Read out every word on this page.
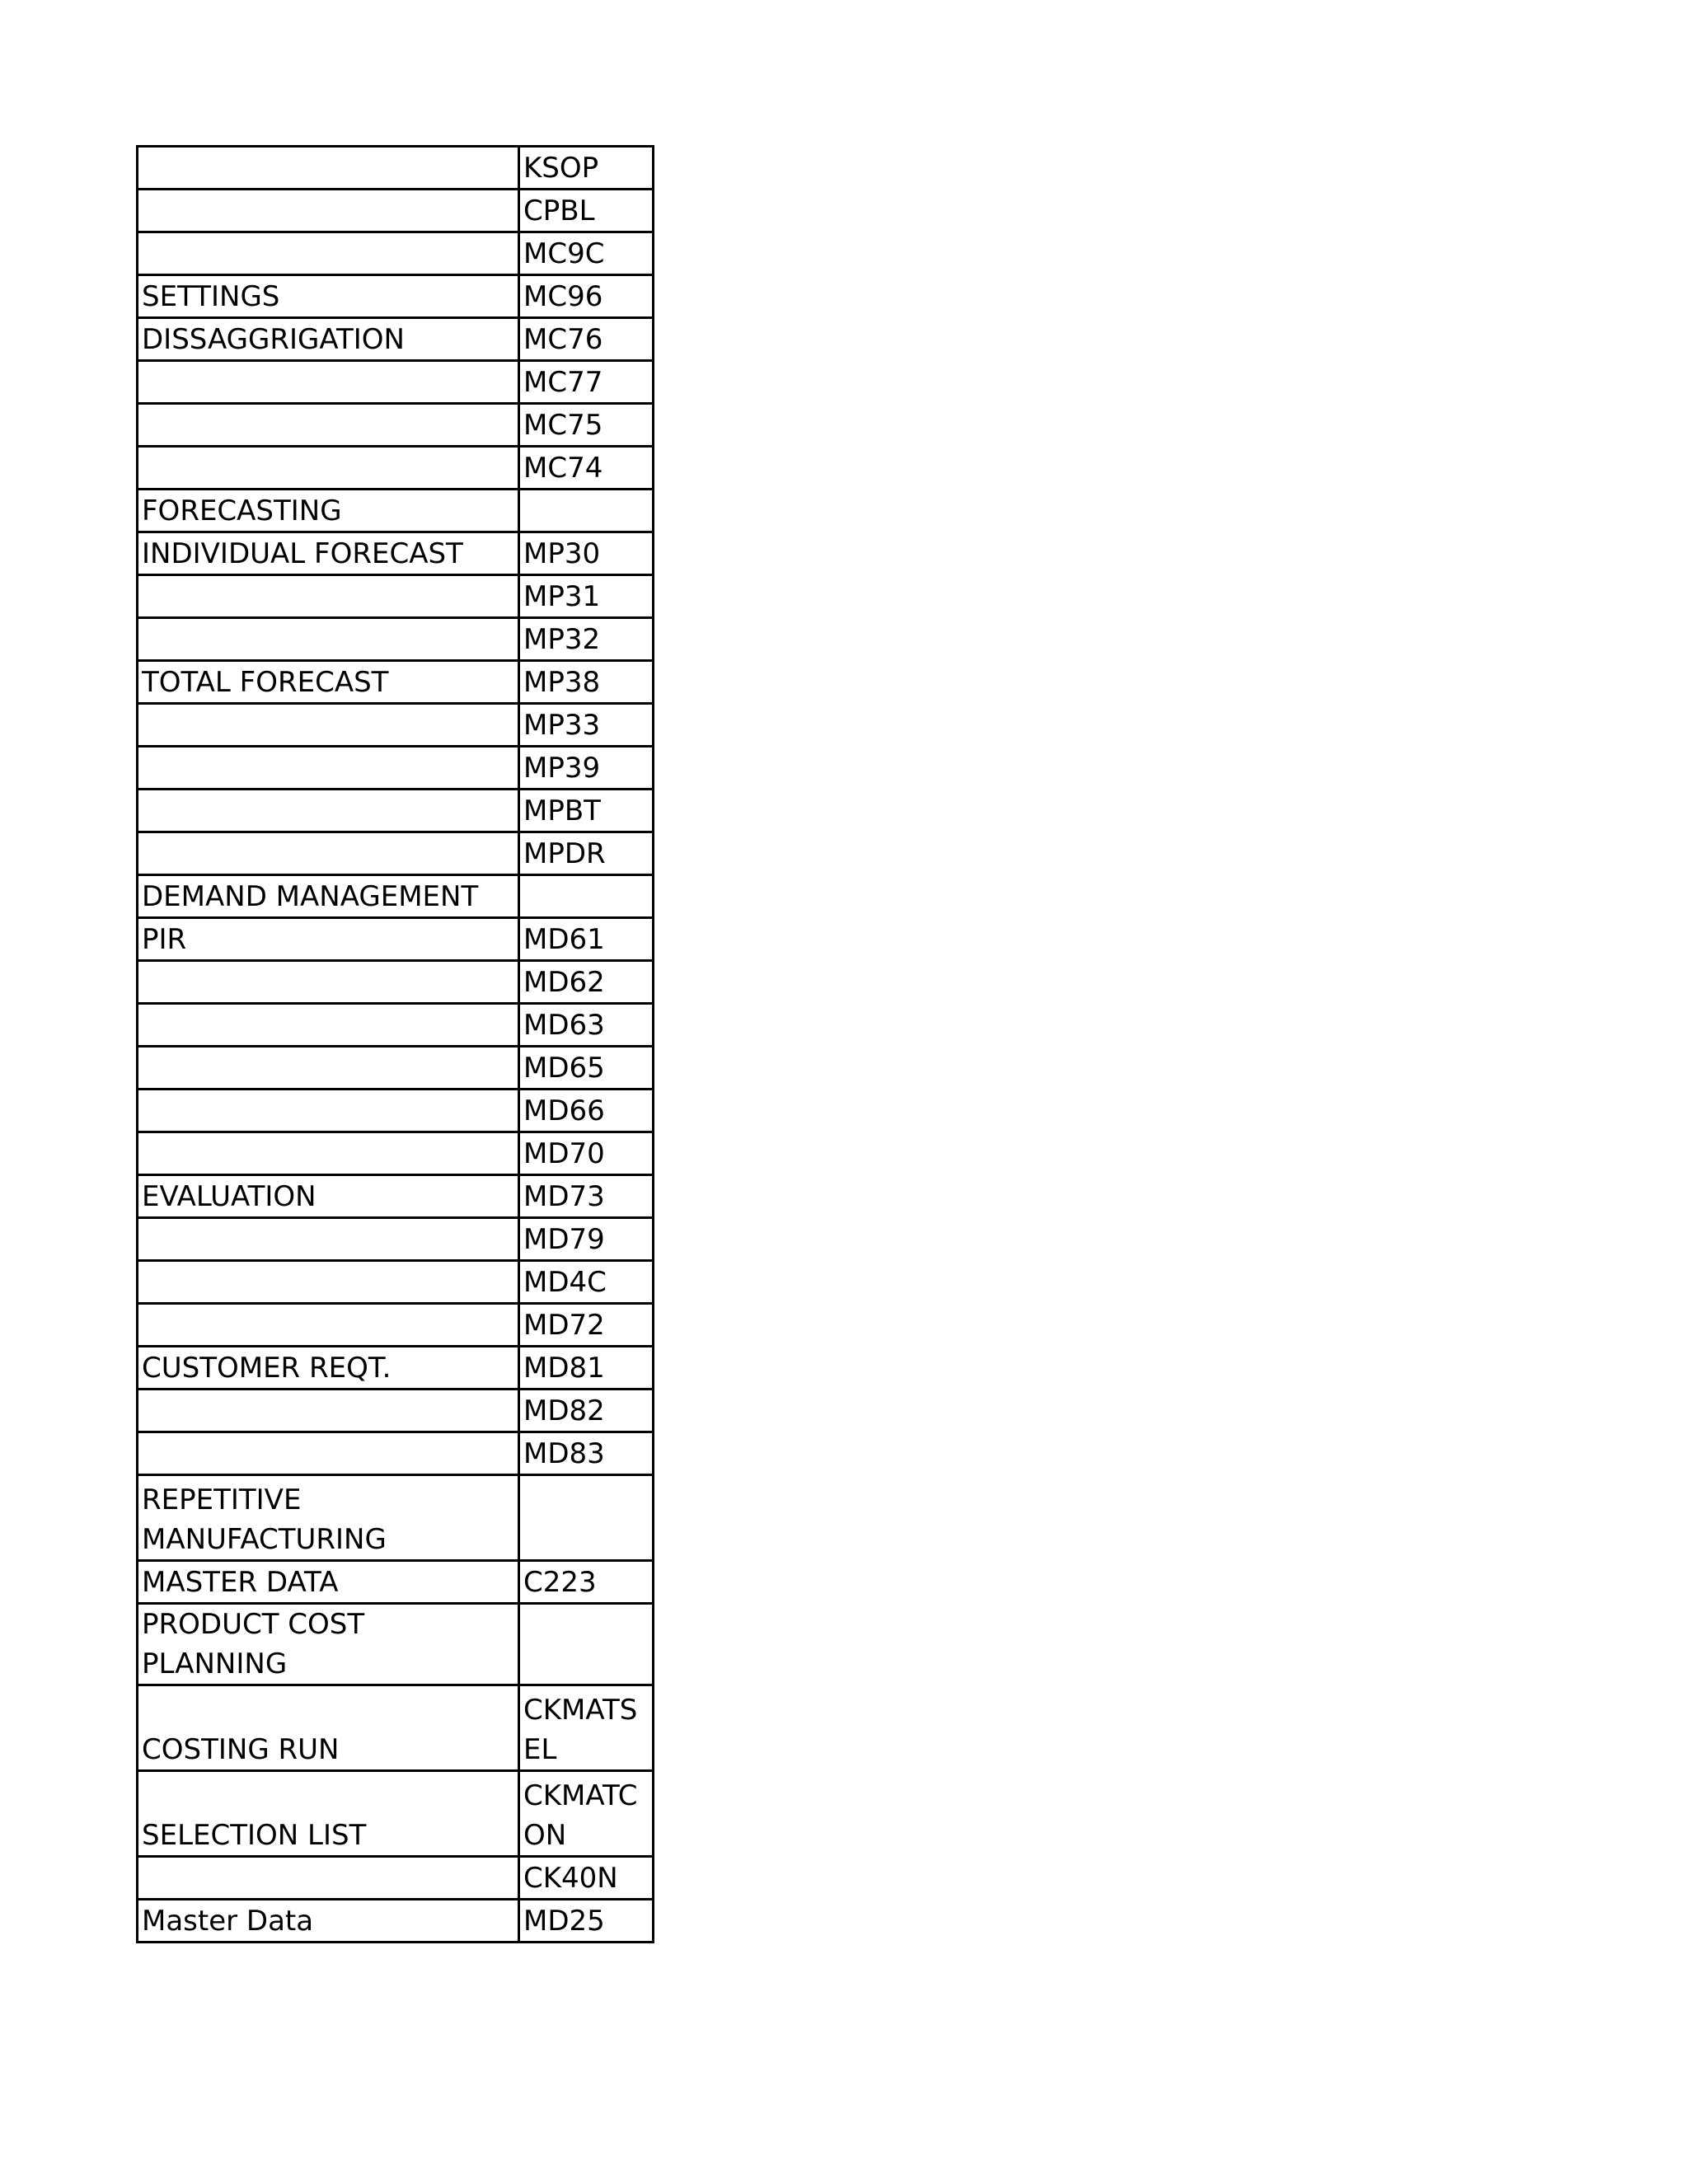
	KSOP
	CPBL
	MC9C
SETTINGS	MC96
DISSAGGRIGATION	MC76
	MC77
	MC75
	MC74
FORECASTING	
INDIVIDUAL FORECAST	MP30
	MP31
	MP32
TOTAL FORECAST	MP38
	MP33
	MP39
	MPBT
	MPDR
DEMAND MANAGEMENT	
PIR	MD61
	MD62
	MD63
	MD65
	MD66
	MD70
EVALUATION	MD73
	MD79
	MD4C
	MD72
CUSTOMER REQT.	MD81
	MD82
	MD83
REPETITIVE MANUFACTURING	
MASTER DATA	C223
PRODUCT COST PLANNING	
COSTING RUN	CKMATSEL
SELECTION LIST	CKMATCON
	CK40N
Master Data	MD25
